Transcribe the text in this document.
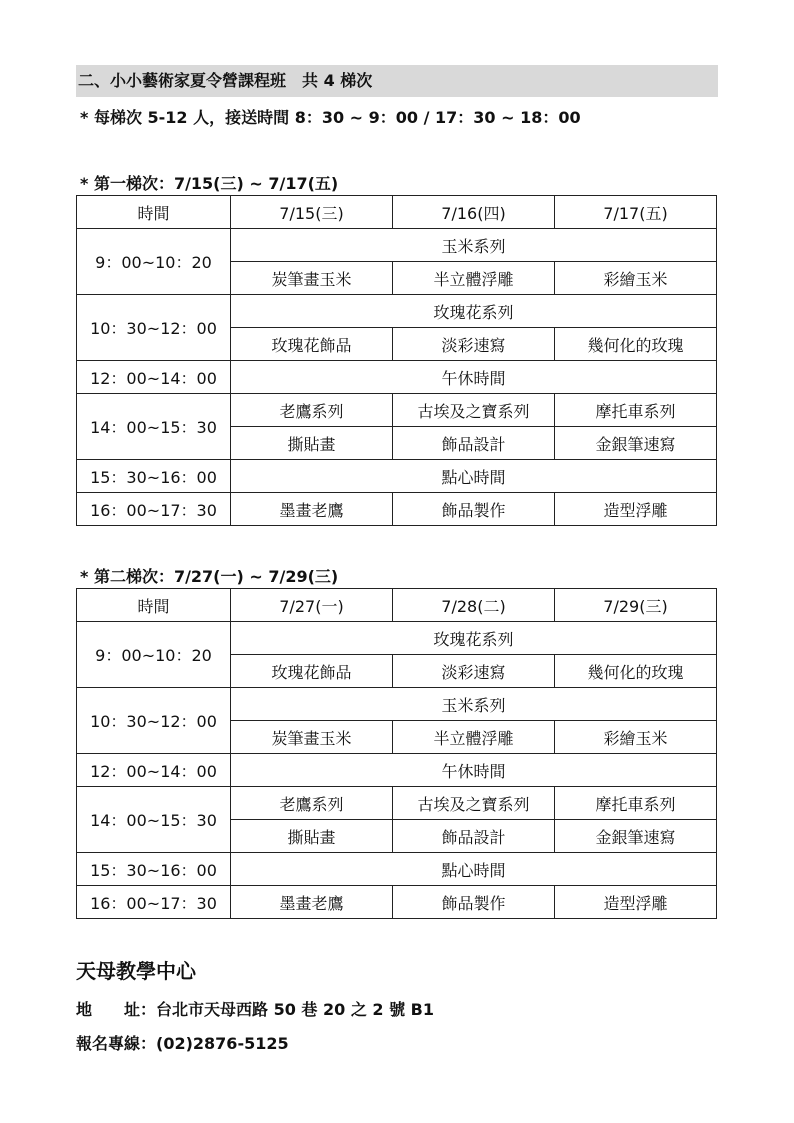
二、小小藝術家夏令營課程班　共 4 梯次
* 每梯次 5-12 人，接送時間 8：30 ~ 9：00 / 17：30 ~ 18：00
* 第一梯次：7/15(三) ~ 7/17(五)
時間	7/15(三)	7/16(四)	7/17(五)
9：00~10：20	玉米系列		
	炭筆畫玉米	半立體浮雕	彩繪玉米
10：30~12：00	玫瑰花系列		
	玫瑰花飾品	淡彩速寫	幾何化的玫瑰
12：00~14：00	午休時間		
14：00~15：30	老鷹系列	古埃及之寶系列	摩托車系列
	撕貼畫	飾品設計	金銀筆速寫
15：30~16：00	點心時間		
16：00~17：30	墨畫老鷹	飾品製作	造型浮雕
* 第二梯次：7/27(一) ~ 7/29(三)
時間	7/27(一)	7/28(二)	7/29(三)
9：00~10：20	玫瑰花系列		
	玫瑰花飾品	淡彩速寫	幾何化的玫瑰
10：30~12：00	玉米系列		
	炭筆畫玉米	半立體浮雕	彩繪玉米
12：00~14：00	午休時間		
14：00~15：30	老鷹系列	古埃及之寶系列	摩托車系列
	撕貼畫	飾品設計	金銀筆速寫
15：30~16：00	點心時間		
16：00~17：30	墨畫老鷹	飾品製作	造型浮雕
天母教學中心
地　　址：台北市天母西路 50 巷 20 之 2 號 B1
報名專線：(02)2876-5125
